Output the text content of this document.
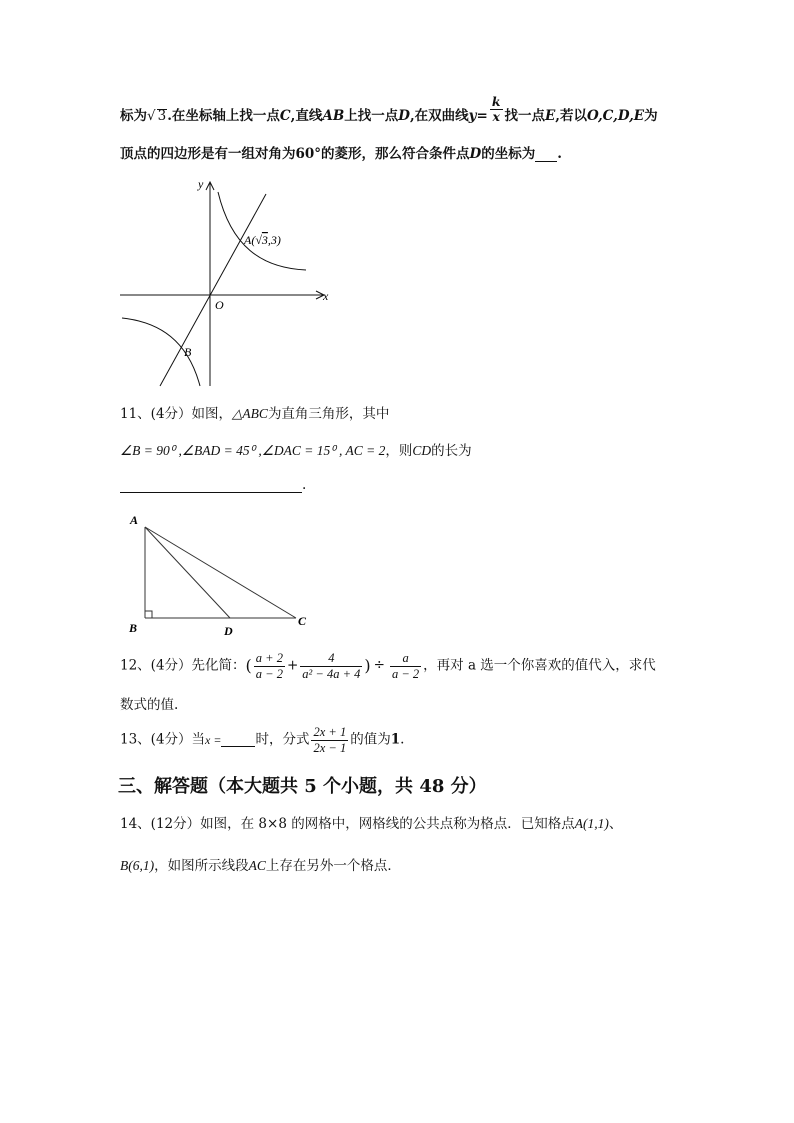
标为√ 3.在坐标轴上找一点C,直线AB上找一点D,在双曲线$y= \frac{k}{x}$ 找一点E,若以O,C,D,E为
顶点的四边形是有一组对角为60°的菱形，那么符合条件点D的坐标为 .
y
x
O
A(√3,3)
B
11、(4分）如图，△ABC为直角三角形，其中
∠B = 90⁰ ,∠BAD = 45⁰ ,∠DAC = 15⁰ , AC = 2，则CD的长为
.
A
B	D
C
12、(4分）先化简：( $\frac{a + 2}{a - 2} + \frac{4}{\text{a² − 4a + 4}}$ ) ÷ $\frac{a}{a - 2}$ ，再对 a 选一个你喜欢的值代入，求代
数式的值.
13、(4分）当x =	时，分式 $\frac{2x + 1}{2x - 1}$ 的值为1.
三、解答题（本大题共 5 个小题，共 48 分）
14、(12分）如图，在 8×8 的网格中，网格线的公共点称为格点．已知格点A(1,1)、
B(6,1)，如图所示线段AC上存在另外一个格点．
